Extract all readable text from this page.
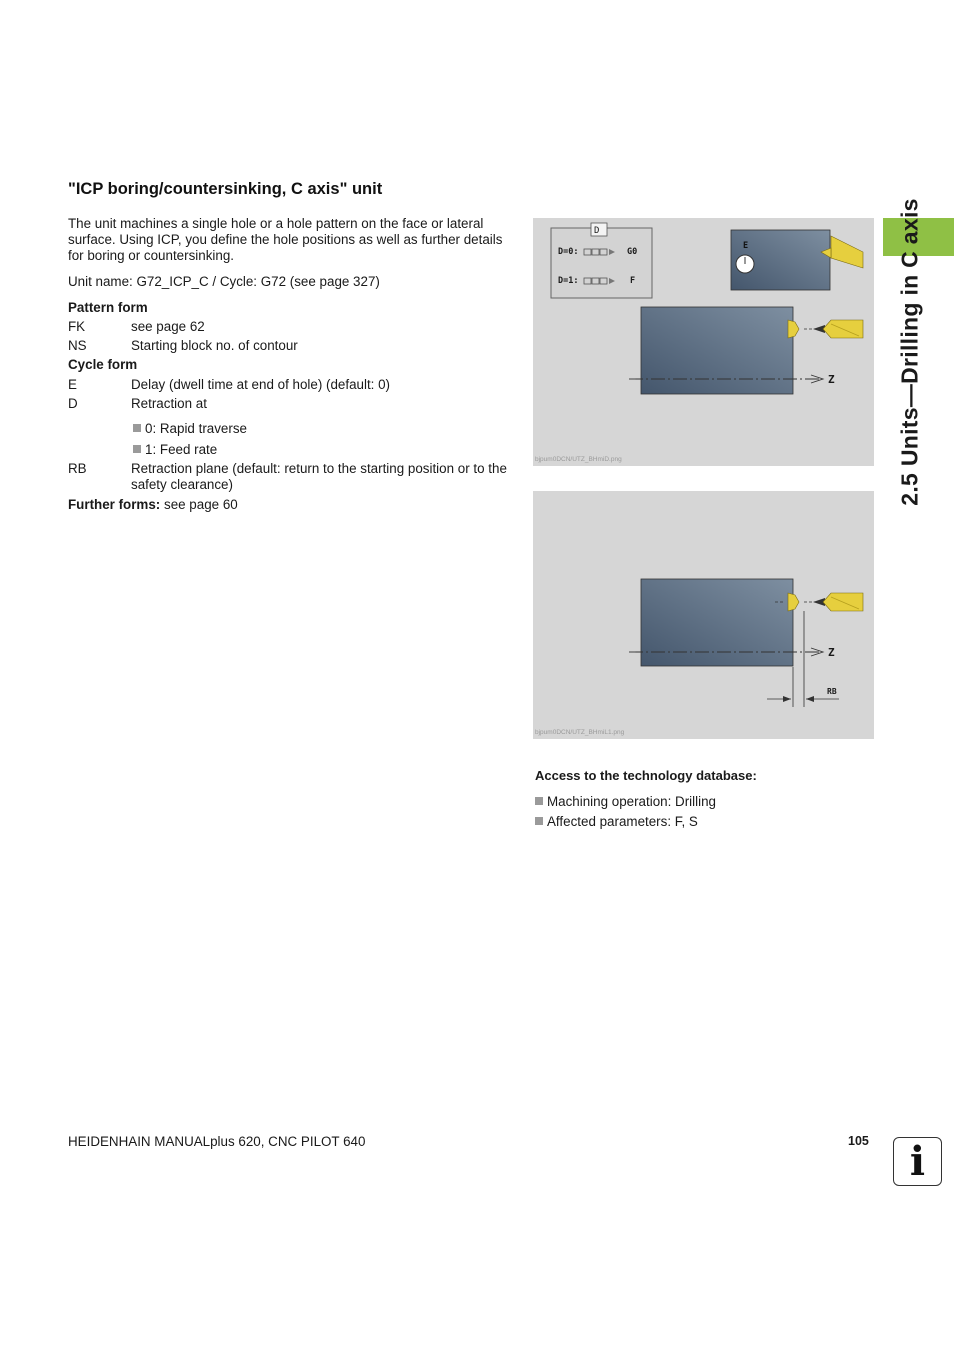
2.5 Units—Drilling in C axis
"ICP boring/countersinking, C axis" unit
The unit machines a single hole or a hole pattern on the face or lateral surface. Using ICP, you define the hole positions as well as further details for boring or countersinking.
Unit name: G72_ICP_C / Cycle: G72 (see page 327)
Pattern form
FK	see page 62
NS	Starting block no. of contour
Cycle form
E	Delay (dwell time at end of hole) (default: 0)
D	Retraction at
0: Rapid traverse
1: Feed rate
RB	Retraction plane (default: return to the starting position or to the safety clearance)
Further forms: see page 60
D
D=0:	G0
D=1:	F
E
Z
bjpum0DCN/UTZ_BHmiD.png
Z
RB
bjpum0DCN/UTZ_BHmiL1.png
Access to the technology database:
Machining operation: Drilling
Affected parameters: F, S
HEIDENHAIN MANUALplus 620, CNC PILOT 640	105	i
